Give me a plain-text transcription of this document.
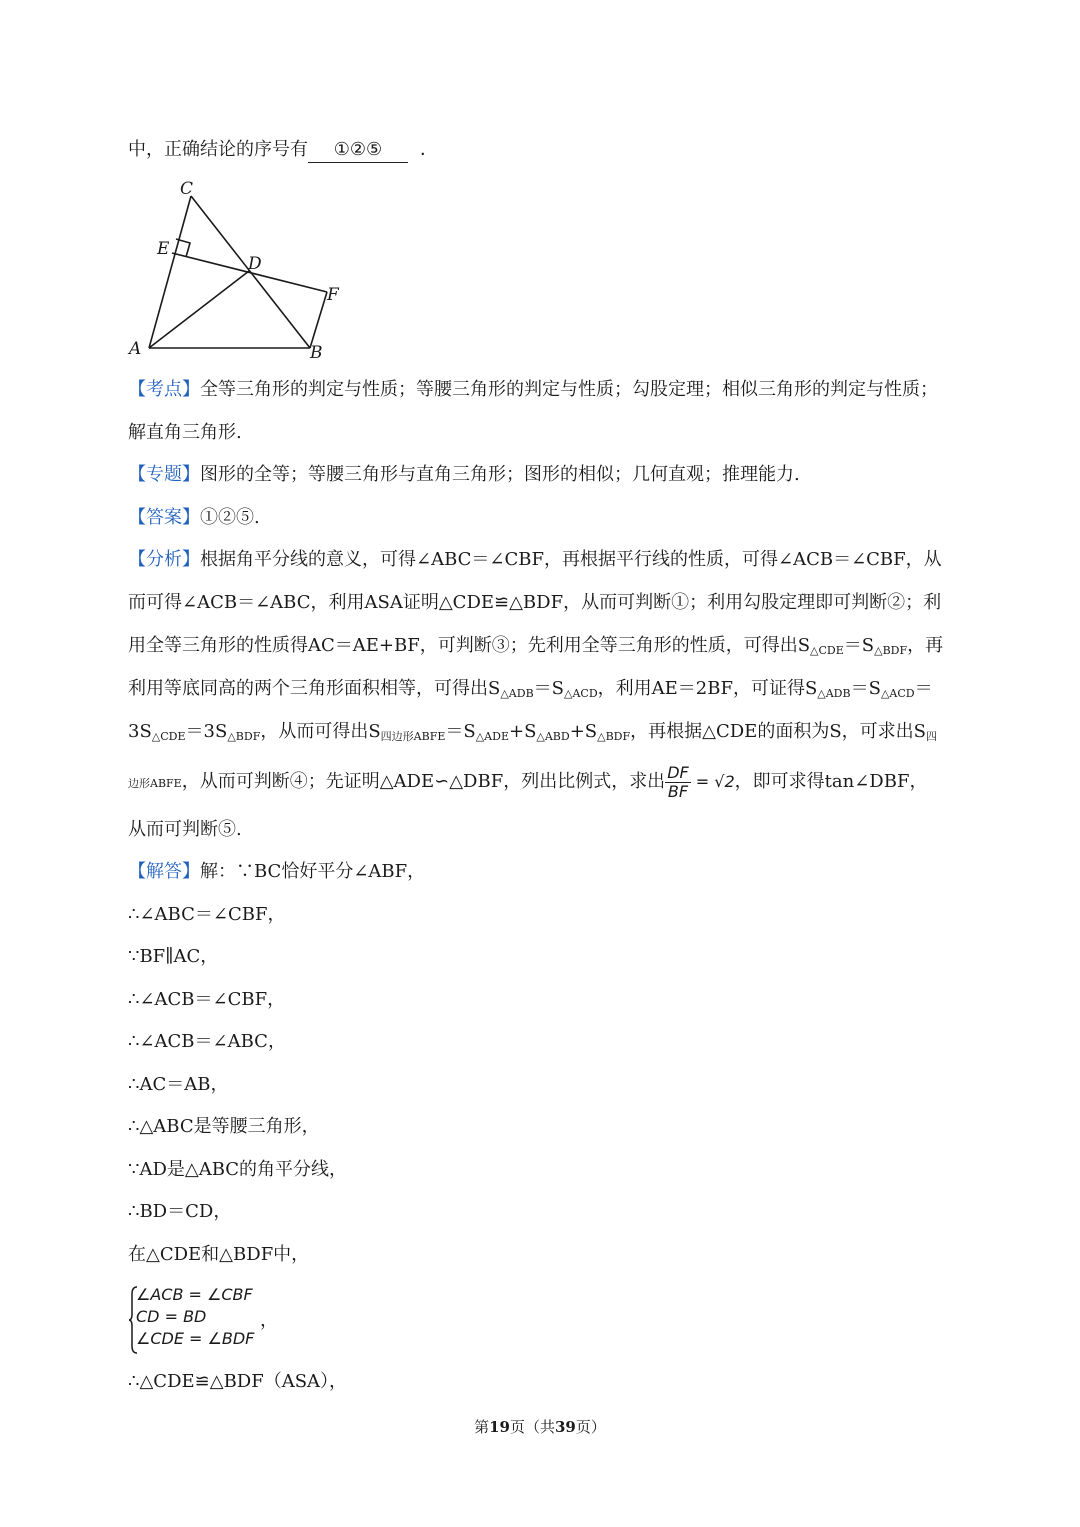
中，正确结论的序号有 ①②⑤ ．
C
E
D
F
A	B
【考点】全等三角形的判定与性质；等腰三角形的判定与性质；勾股定理；相似三角形的判定与性质；
解直角三角形.
【专题】图形的全等；等腰三角形与直角三角形；图形的相似；几何直观；推理能力.
【答案】①②⑤.
【分析】根据角平分线的意义，可得∠ABC＝∠CBF，再根据平行线的性质，可得∠ACB＝∠CBF，从
而可得∠ACB＝∠ABC，利用ASA证明△CDE≌△BDF，从而可判断①；利用勾股定理即可判断②；利
用全等三角形的性质得AC＝AE+BF，可判断③；先利用全等三角形的性质，可得出$S_{\triangle CDE}=S_{\triangle BDF}$，再
利用等底同高的两个三角形面积相等，可得出$S_{\triangle ADB}=S_{\triangle ACD}$，利用AE＝2BF，可证得$S_{\triangle ADB}=S_{\triangle ACD}=$
$3S_{\triangle CDE}=3S_{\triangle BDF}$，从而可得出$S_{四边形ABFE}=S_{\triangle ADE}+S_{\triangle ABD}+S_{\triangle BDF}$，再根据△CDE的面积为S，可求出$S_四$
边形ABFE，从而可判断④；先证明△ADE∽△DBF，列出比例式，求出 $\frac{DF}{BF} = √2$，即可求得tan∠DBF，
从而可判断⑤.
【解答】解：∵BC恰好平分∠ABF，
∴∠ABC＝∠CBF，
∵BF∥AC，
∴∠ACB＝∠CBF，
∴∠ACB＝∠ABC，
∴AC＝AB，
∴△ABC是等腰三角形，
∵AD是△ABC的角平分线，
∴BD＝CD，
在△CDE和△BDF中，
∠ACB = ∠CBF
CD = BD
∠CDE = ∠BDF
，
∴△CDE≌△BDF（ASA），
第19页（共39页）
